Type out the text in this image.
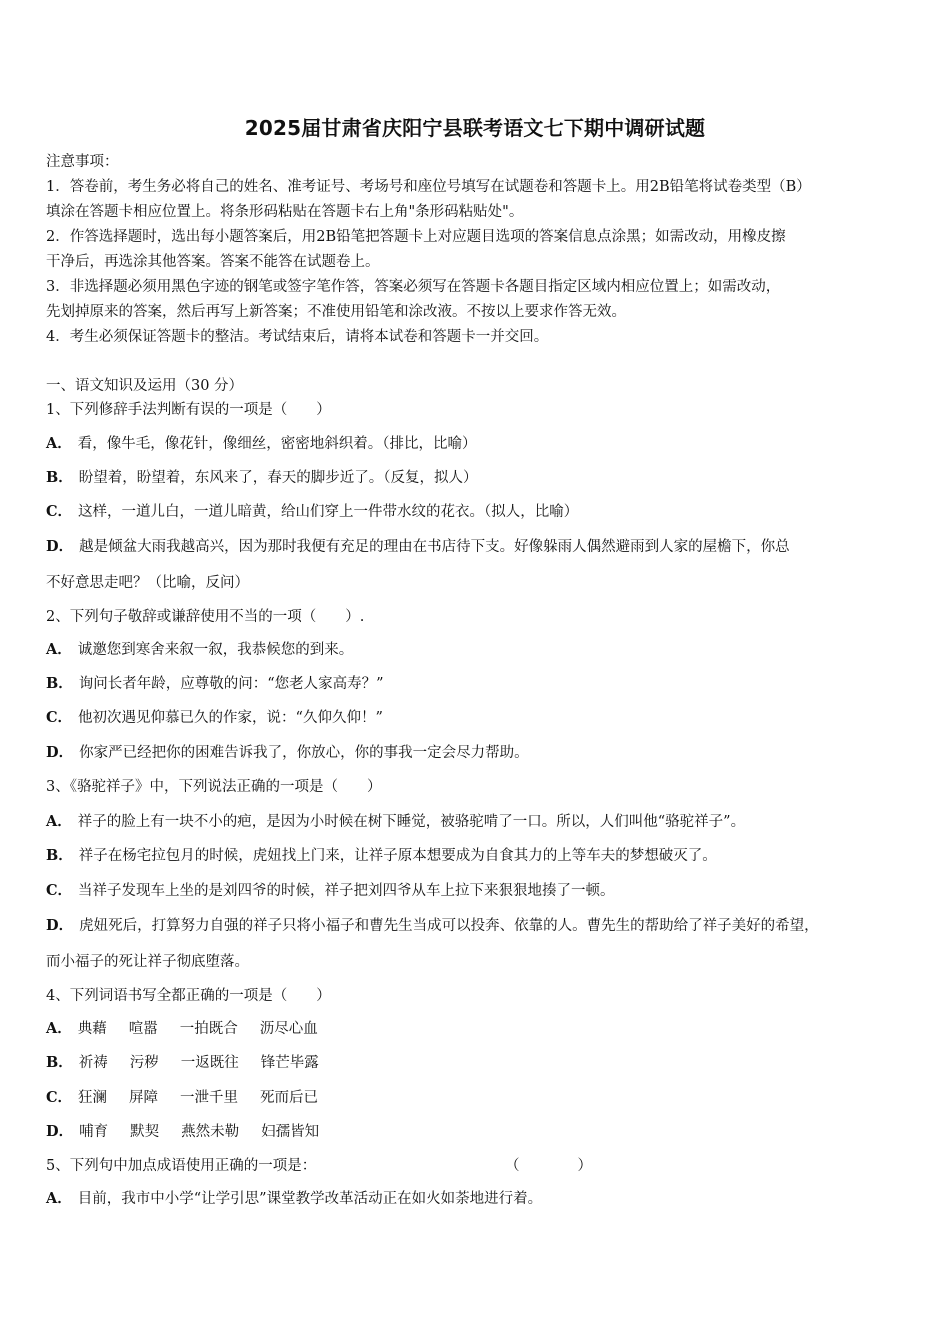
2025届甘肃省庆阳宁县联考语文七下期中调研试题
注意事项：
1．答卷前，考生务必将自己的姓名、准考证号、考场号和座位号填写在试题卷和答题卡上。用2B铅笔将试卷类型（B）
填涂在答题卡相应位置上。将条形码粘贴在答题卡右上角"条形码粘贴处"。
2．作答选择题时，选出每小题答案后，用2B铅笔把答题卡上对应题目选项的答案信息点涂黑；如需改动，用橡皮擦
干净后，再选涂其他答案。答案不能答在试题卷上。
3．非选择题必须用黑色字迹的钢笔或签字笔作答，答案必须写在答题卡各题目指定区域内相应位置上；如需改动，
先划掉原来的答案，然后再写上新答案；不准使用铅笔和涂改液。不按以上要求作答无效。
4．考生必须保证答题卡的整洁。考试结束后，请将本试卷和答题卡一并交回。
一、语文知识及运用（30 分）
1、下列修辞手法判断有误的一项是（　　）
A． 看，像牛毛，像花针，像细丝，密密地斜织着。（排比，比喻）
B． 盼望着，盼望着，东风来了，春天的脚步近了。（反复，拟人）
C． 这样，一道儿白，一道儿暗黄，给山们穿上一件带水纹的花衣。（拟人，比喻）
D． 越是倾盆大雨我越高兴，因为那时我便有充足的理由在书店待下支。好像躲雨人偶然避雨到人家的屋檐下，你总
不好意思走吧？（比喻，反问）
2、下列句子敬辞或谦辞使用不当的一项（　　）.
A． 诚邀您到寒舍来叙一叙，我恭候您的到来。
B． 询问长者年龄，应尊敬的问：“您老人家高寿？”
C． 他初次遇见仰慕已久的作家，说：“久仰久仰！”
D． 你家严已经把你的困难告诉我了，你放心，你的事我一定会尽力帮助。
3、《骆驼祥子》中，下列说法正确的一项是（　　）
A． 祥子的脸上有一块不小的疤，是因为小时候在树下睡觉，被骆驼啃了一口。所以，人们叫他“骆驼祥子”。
B． 祥子在杨宅拉包月的时候，虎妞找上门来，让祥子原本想要成为自食其力的上等车夫的梦想破灭了。
C． 当祥子发现车上坐的是刘四爷的时候，祥子把刘四爷从车上拉下来狠狠地揍了一顿。
D． 虎妞死后，打算努力自强的祥子只将小福子和曹先生当成可以投奔、依靠的人。曹先生的帮助给了祥子美好的希望，
而小福子的死让祥子彻底堕落。
4、下列词语书写全都正确的一项是（　　）
A． 典藉 喧嚣 一拍既合 沥尽心血
B． 祈祷 污秽 一返既往 锋芒毕露
C． 狂澜 屏障 一泄千里 死而后已
D． 哺育 默契 燕然未勒 妇孺皆知
5、下列句中加点成语使用正确的一项是：	（　　　　）
A． 目前，我市中小学“让学引思”课堂教学改革活动正在如火如荼地进行着。
